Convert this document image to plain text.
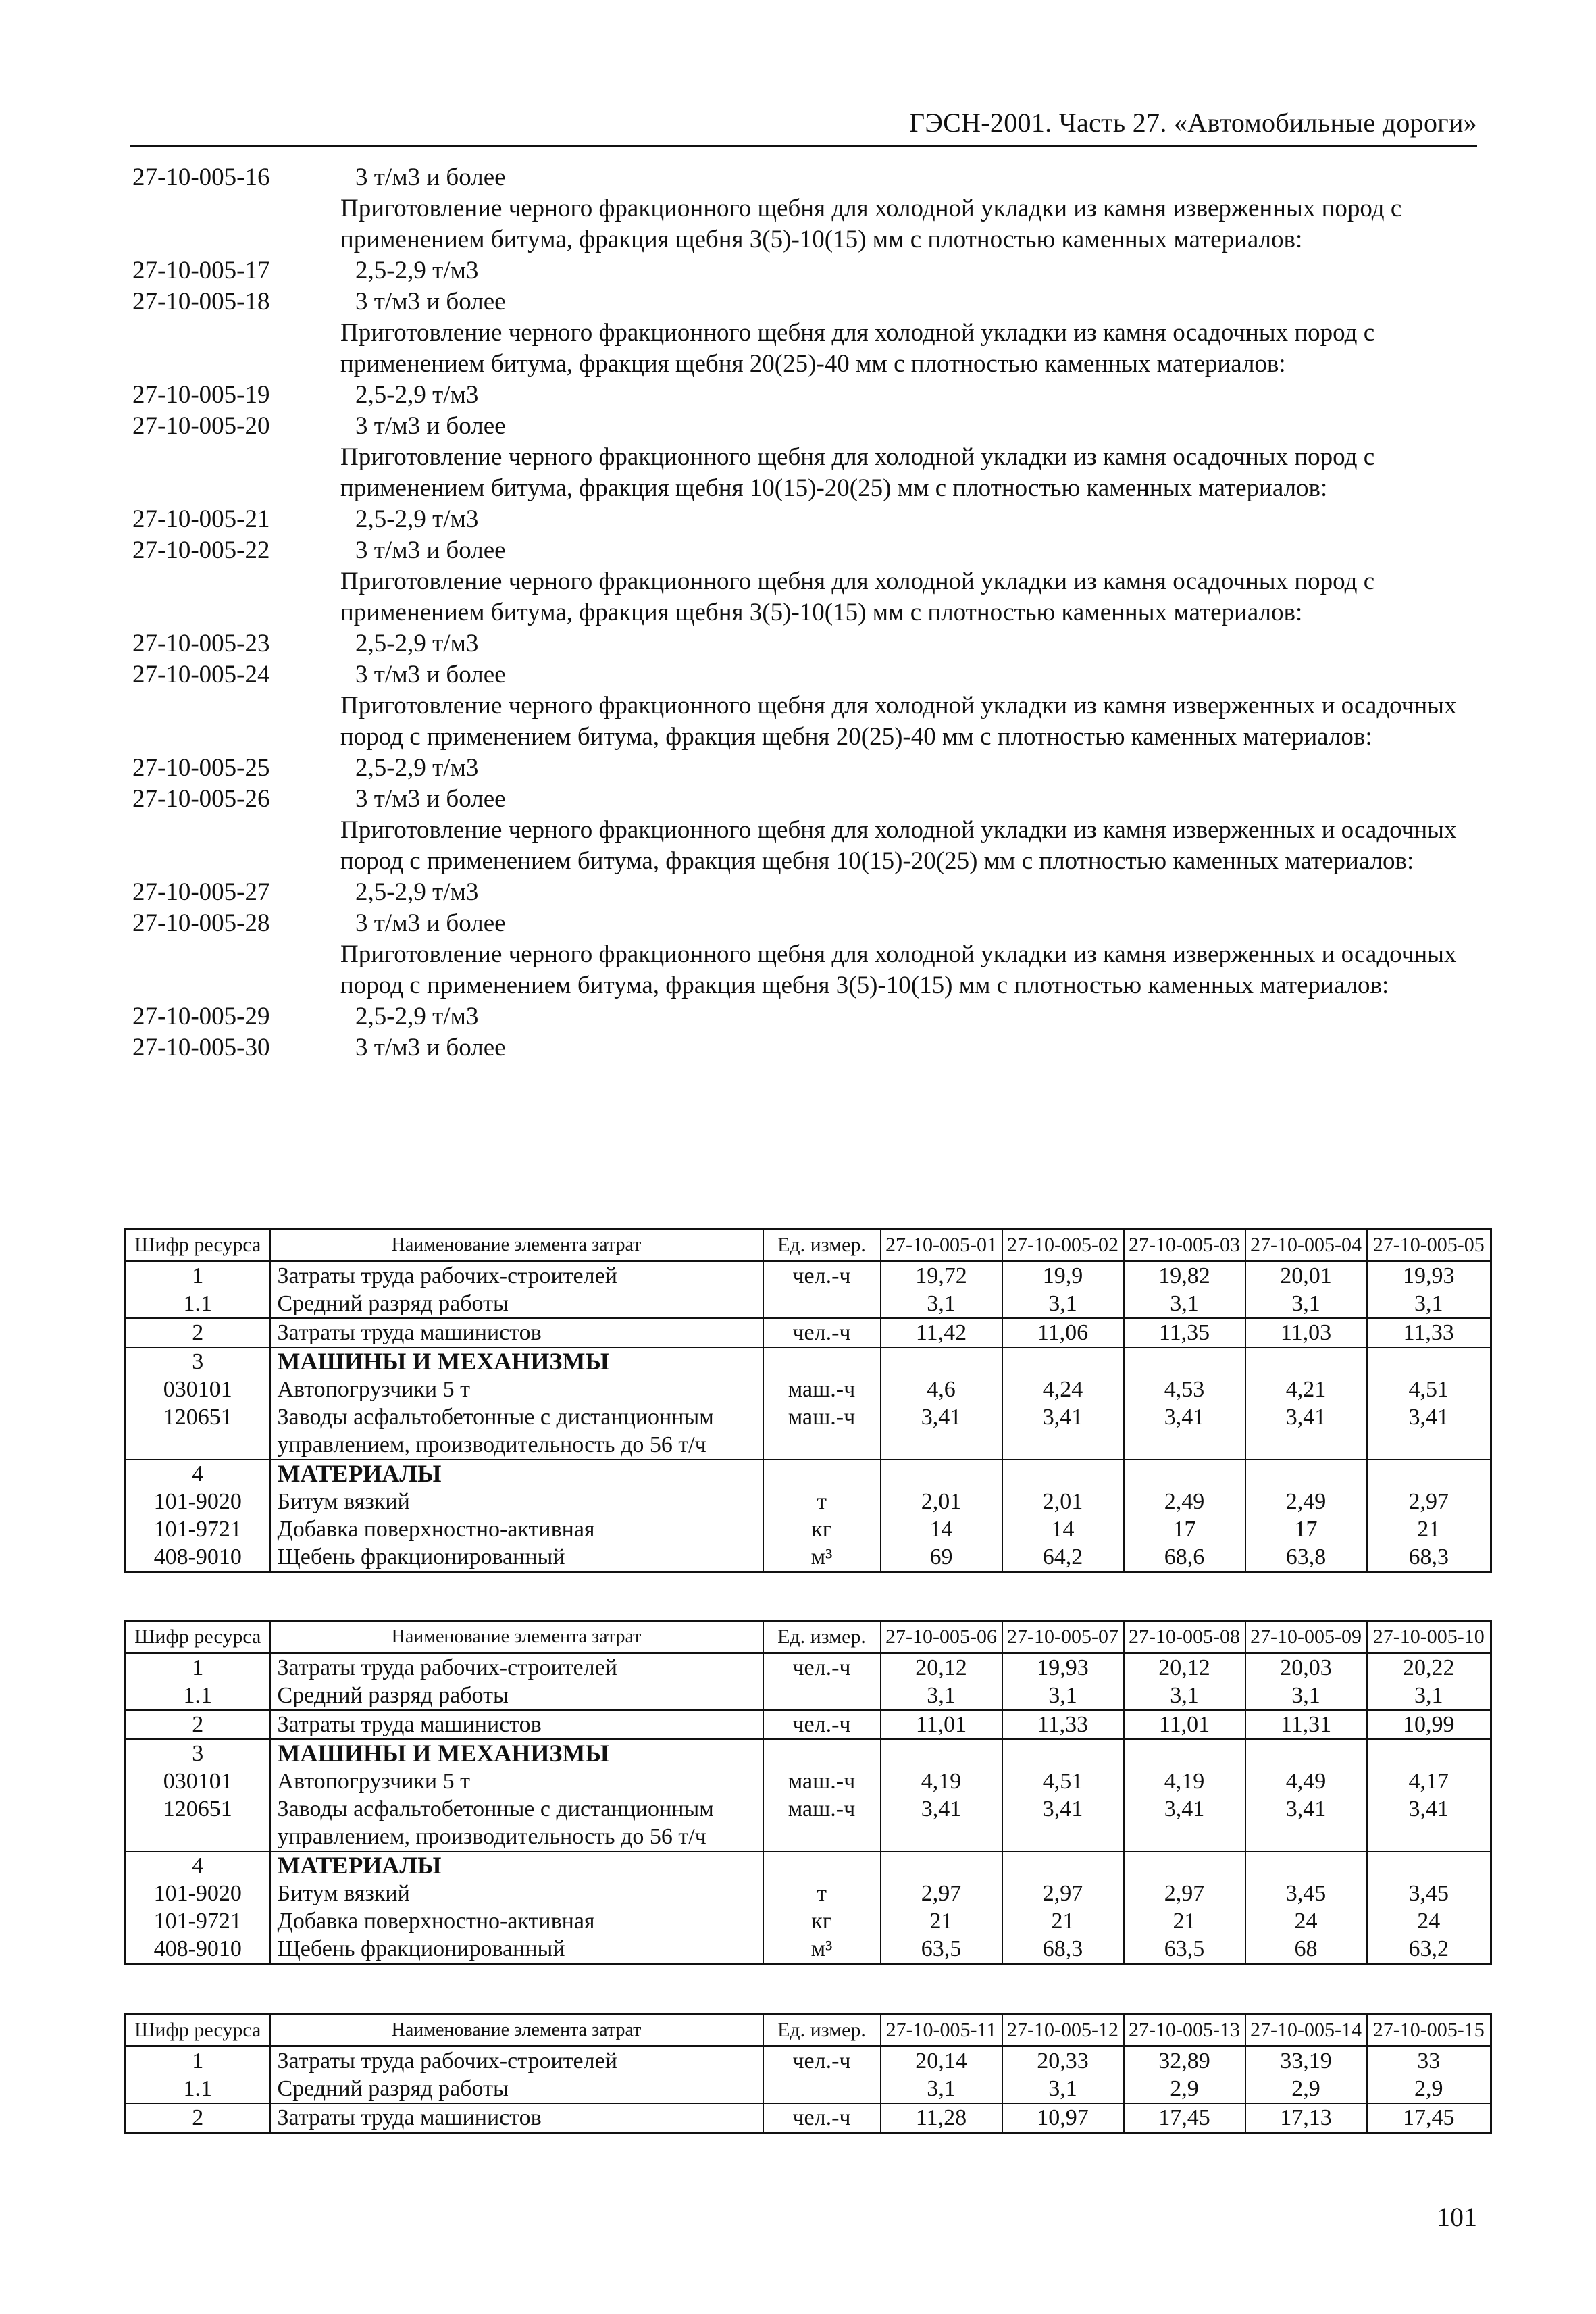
ГЭСН-2001. Часть 27. «Автомобильные дороги»
27-10-005-16	3 т/м3 и более
Приготовление черного фракционного щебня для холодной укладки из камня изверженных пород с применением битума, фракция щебня 3(5)-10(15) мм с плотностью каменных материалов:
27-10-005-17	2,5-2,9 т/м3
27-10-005-18	3 т/м3 и более
Приготовление черного фракционного щебня для холодной укладки из камня осадочных пород с применением битума, фракция щебня 20(25)-40 мм с плотностью каменных материалов:
27-10-005-19	2,5-2,9 т/м3
27-10-005-20	3 т/м3 и более
Приготовление черного фракционного щебня для холодной укладки из камня осадочных пород с применением битума, фракция щебня 10(15)-20(25) мм с плотностью каменных материалов:
27-10-005-21	2,5-2,9 т/м3
27-10-005-22	3 т/м3 и более
Приготовление черного фракционного щебня для холодной укладки из камня осадочных пород с применением битума, фракция щебня 3(5)-10(15) мм с плотностью каменных материалов:
27-10-005-23	2,5-2,9 т/м3
27-10-005-24	3 т/м3 и более
Приготовление черного фракционного щебня для холодной укладки из камня изверженных и осадочных пород с применением битума, фракция щебня 20(25)-40 мм с плотностью каменных материалов:
27-10-005-25	2,5-2,9 т/м3
27-10-005-26	3 т/м3 и более
Приготовление черного фракционного щебня для холодной укладки из камня изверженных и осадочных пород с применением битума, фракция щебня 10(15)-20(25) мм с плотностью каменных материалов:
27-10-005-27	2,5-2,9 т/м3
27-10-005-28	3 т/м3 и более
Приготовление черного фракционного щебня для холодной укладки из камня изверженных и осадочных пород с применением битума, фракция щебня 3(5)-10(15) мм с плотностью каменных материалов:
27-10-005-29	2,5-2,9 т/м3
27-10-005-30	3 т/м3 и более
Шифр ресурса	Наименование элемента затрат	Ед. измер.	27-10-005-01	27-10-005-02	27-10-005-03	27-10-005-04	27-10-005-05
1	Затраты труда рабочих-строителей	чел.-ч	19,72	19,9	19,82	20,01	19,93
1.1	Средний разряд работы		3,1	3,1	3,1	3,1	3,1
2	Затраты труда машинистов	чел.-ч	11,42	11,06	11,35	11,03	11,33
3	МАШИНЫ И МЕХАНИЗМЫ						
030101	Автопогрузчики 5 т	маш.-ч	4,6	4,24	4,53	4,21	4,51
120651	Заводы асфальтобетонные с дистанционным управлением, производительность до 56 т/ч	маш.-ч	3,41	3,41	3,41	3,41	3,41
4	МАТЕРИАЛЫ						
101-9020	Битум вязкий	т	2,01	2,01	2,49	2,49	2,97
101-9721	Добавка поверхностно-активная	кг	14	14	17	17	21
408-9010	Щебень фракционированный	м³	69	64,2	68,6	63,8	68,3
Шифр ресурса	Наименование элемента затрат	Ед. измер.	27-10-005-06	27-10-005-07	27-10-005-08	27-10-005-09	27-10-005-10
1	Затраты труда рабочих-строителей	чел.-ч	20,12	19,93	20,12	20,03	20,22
1.1	Средний разряд работы		3,1	3,1	3,1	3,1	3,1
2	Затраты труда машинистов	чел.-ч	11,01	11,33	11,01	11,31	10,99
3	МАШИНЫ И МЕХАНИЗМЫ						
030101	Автопогрузчики 5 т	маш.-ч	4,19	4,51	4,19	4,49	4,17
120651	Заводы асфальтобетонные с дистанционным управлением, производительность до 56 т/ч	маш.-ч	3,41	3,41	3,41	3,41	3,41
4	МАТЕРИАЛЫ						
101-9020	Битум вязкий	т	2,97	2,97	2,97	3,45	3,45
101-9721	Добавка поверхностно-активная	кг	21	21	21	24	24
408-9010	Щебень фракционированный	м³	63,5	68,3	63,5	68	63,2
Шифр ресурса	Наименование элемента затрат	Ед. измер.	27-10-005-11	27-10-005-12	27-10-005-13	27-10-005-14	27-10-005-15
1	Затраты труда рабочих-строителей	чел.-ч	20,14	20,33	32,89	33,19	33
1.1	Средний разряд работы		3,1	3,1	2,9	2,9	2,9
2	Затраты труда машинистов	чел.-ч	11,28	10,97	17,45	17,13	17,45
101
